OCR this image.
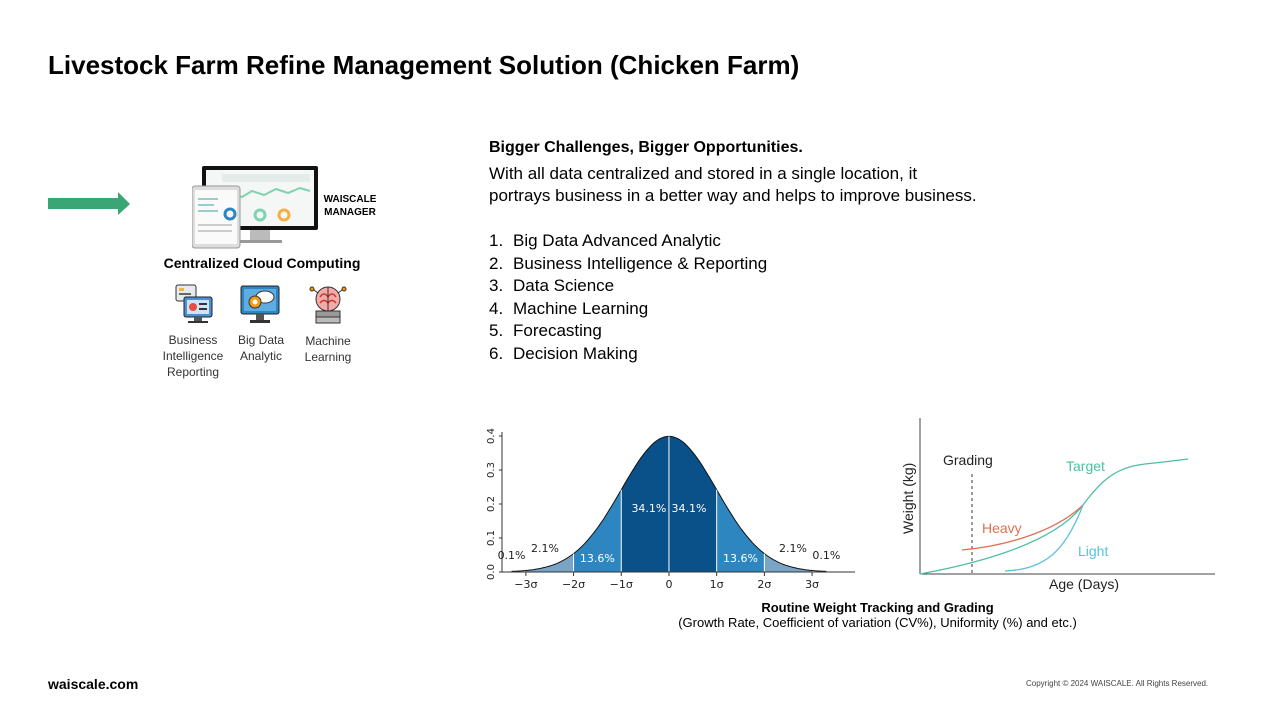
Livestock Farm Refine Management Solution (Chicken Farm)
WAISCALE
MANAGER
Centralized Cloud Computing
Business
Intelligence
Reporting
Big Data
Analytic
Machine
Learning
Bigger Challenges, Bigger Opportunities.
With all data centralized and stored in a single location, it
portrays business in a better way and helps to improve business.
1. Big Data Advanced Analytic
2. Business Intelligence & Reporting
3. Data Science
4. Machine Learning
5. Forecasting
6. Decision Making
−3σ −2σ −1σ	0	1σ	2σ	3σ
0.0
0.1
0.2
0.3
0.4
34.1% 34.1%
13.6%	13.6%
2.1%	2.1%
0.1%	0.1%
Grading	Target
Heavy
Light
Age (Days)
Weight (kg)
Routine Weight Tracking and Grading
(Growth Rate, Coefficient of variation (CV%), Uniformity (%) and etc.)
waiscale.com	Copyright © 2024 WAISCALE. All Rights Reserved.
